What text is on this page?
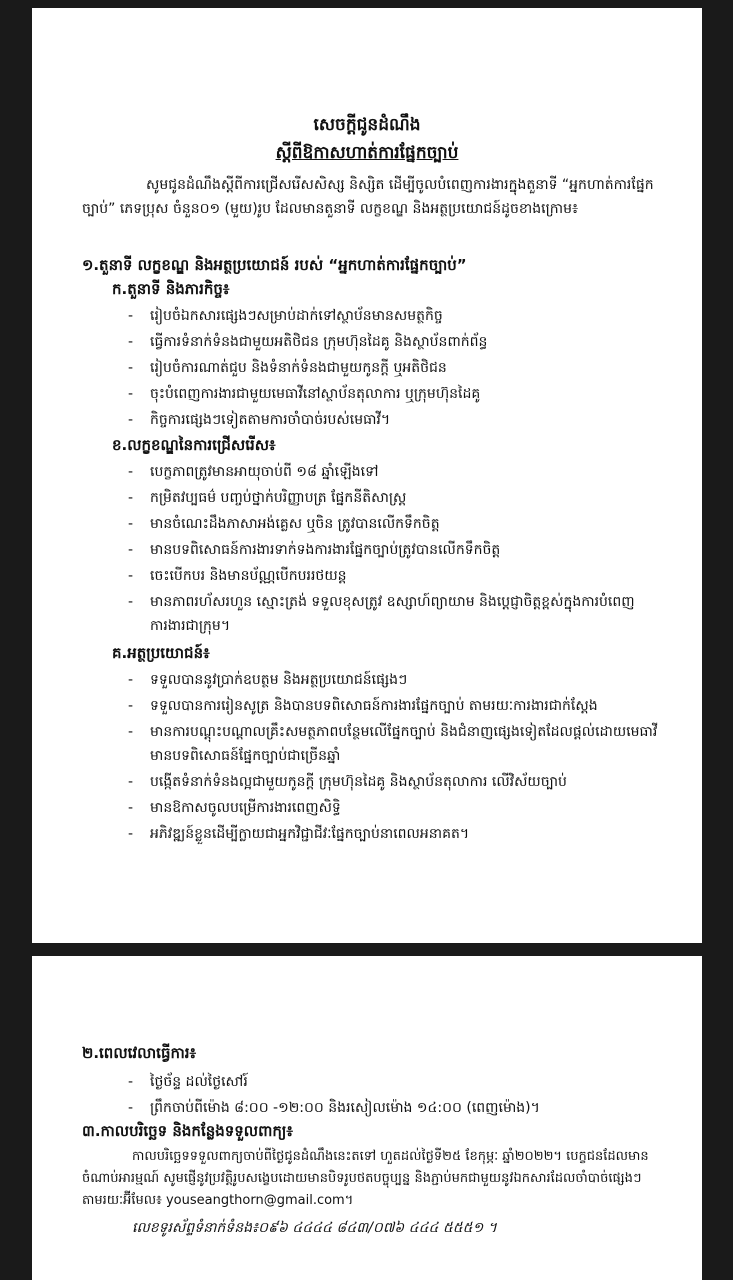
សេចក្តីជូនដំណឹង
ស្តីពីឱកាសហាត់ការផ្នែកច្បាប់
សូមជូនដំណឹងស្តីពីការជ្រើសរើសសិស្ស និស្សិត ដើម្បីចូលបំពេញការងារក្នុងតួនាទី “អ្នកហាត់ការផ្នែកច្បាប់” ភេទប្រុស ចំនួន០១ (មួយ)រូប ដែលមានតួនាទី លក្ខខណ្ឌ និងអត្ថប្រយោជន៍ដូចខាងក្រោម៖
១.តួនាទី លក្ខខណ្ឌ និងអត្ថប្រយោជន៍ របស់ “អ្នកហាត់ការផ្នែកច្បាប់”
ក.តួនាទី និងភារកិច្ច៖
- រៀបចំឯកសារផ្សេងៗសម្រាប់ដាក់ទៅស្ថាប័នមានសមត្ថកិច្ច
- ធ្វើការទំនាក់ទំនងជាមួយអតិថិជន ក្រុមហ៊ុនដៃគូ និងស្ថាប័នពាក់ព័ន្ធ
- រៀបចំការណាត់ជួប និងទំនាក់ទំនងជាមួយកូនក្តី ឬអតិថិជន
- ចុះបំពេញការងារជាមួយមេធាវីនៅស្ថាប័នតុលាការ ឬក្រុមហ៊ុនដៃគូ
- កិច្ចការផ្សេងៗទៀតតាមការចាំបាច់របស់មេធាវី។
ខ.លក្ខខណ្ឌនៃការជ្រើសរើស៖
- បេក្ខភាពត្រូវមានអាយុចាប់ពី ១៨ ឆ្នាំឡើងទៅ
- កម្រិតវប្បធម៌ បញ្ចប់ថ្នាក់បរិញ្ញាបត្រ ផ្នែកនីតិសាស្ត្រ
- មានចំណេះដឹងភាសាអង់គ្លេស ឬចិន ត្រូវបានលើកទឹកចិត្ត
- មានបទពិសោធន៍ការងារទាក់ទងការងារផ្នែកច្បាប់ត្រូវបានលើកទឹកចិត្ត
- ចេះបើកបរ និងមានប័ណ្ណបើកបររថយន្ត
- មានភាពរហ័សរហួន ស្មោះត្រង់ ទទួលខុសត្រូវ ឧស្សាហ៍ព្យាយាម និងប្តេជ្ញាចិត្តខ្ពស់ក្នុងការបំពេញការងារជាក្រុម។
គ.អត្ថប្រយោជន៍៖
- ទទួលបាននូវប្រាក់ឧបត្ថម និងអត្ថប្រយោជន៍ផ្សេងៗ
- ទទួលបានការរៀនសូត្រ និងបានបទពិសោធន៍ការងារផ្នែកច្បាប់ តាមរយៈការងារជាក់ស្តែង
- មានការបណ្តុះបណ្តាលគ្រឹះសមត្ថភាពបន្ថែមលើផ្នែកច្បាប់ និងជំនាញផ្សេងទៀតដែលផ្តល់ដោយមេធាវីមានបទពិសោធន៍ផ្នែកច្បាប់ជាច្រើនឆ្នាំ
- បង្កើតទំនាក់ទំនងល្អជាមួយកូនក្តី ក្រុមហ៊ុនដៃគូ និងស្ថាប័នតុលាការ លើវិស័យច្បាប់
- មានឱកាសចូលបម្រើការងារពេញសិទ្ធិ
- អភិវឌ្ឍន៍ខ្លួនដើម្បីក្លាយជាអ្នកវិជ្ជាជីវៈផ្នែកច្បាប់នាពេលអនាគត។
២.ពេលវេលាធ្វើការ៖
- ថ្ងៃច័ន្ទ ដល់ថ្ងៃសៅរ៍
- ព្រឹកចាប់ពីម៉ោង ៨:០០ -១២:០០ និងរសៀលម៉ោង ១៤:០០ (ពេញម៉ោង)។
៣.កាលបរិច្ឆេទ និងកន្លែងទទួលពាក្យ៖
កាលបរិច្ឆេទទទួលពាក្យចាប់ពីថ្ងៃជូនដំណឹងនេះតទៅ ហួតដល់ថ្ងៃទី២៥ ខែកុម្ភៈ ឆ្នាំ២០២២។ បេក្ខជនដែលមានចំណាប់អារម្មណ៍ សូមផ្ញើនូវប្រវត្តិរូបសង្ខេបដោយមានបិទរូបថតបច្ចុប្បន្ន និងភ្ជាប់មកជាមួយនូវឯកសារដែលចាំបាច់ផ្សេងៗ តាមរយៈអ៊ីមែល៖ youseangthorn@gmail.com។
លេខទូរស័ព្ទទំនាក់ទំនង៖០៩៦ ៤៤៤៤ ៨៤៣/០៧៦ ៤៤៤ ៥៥៥១ ។
